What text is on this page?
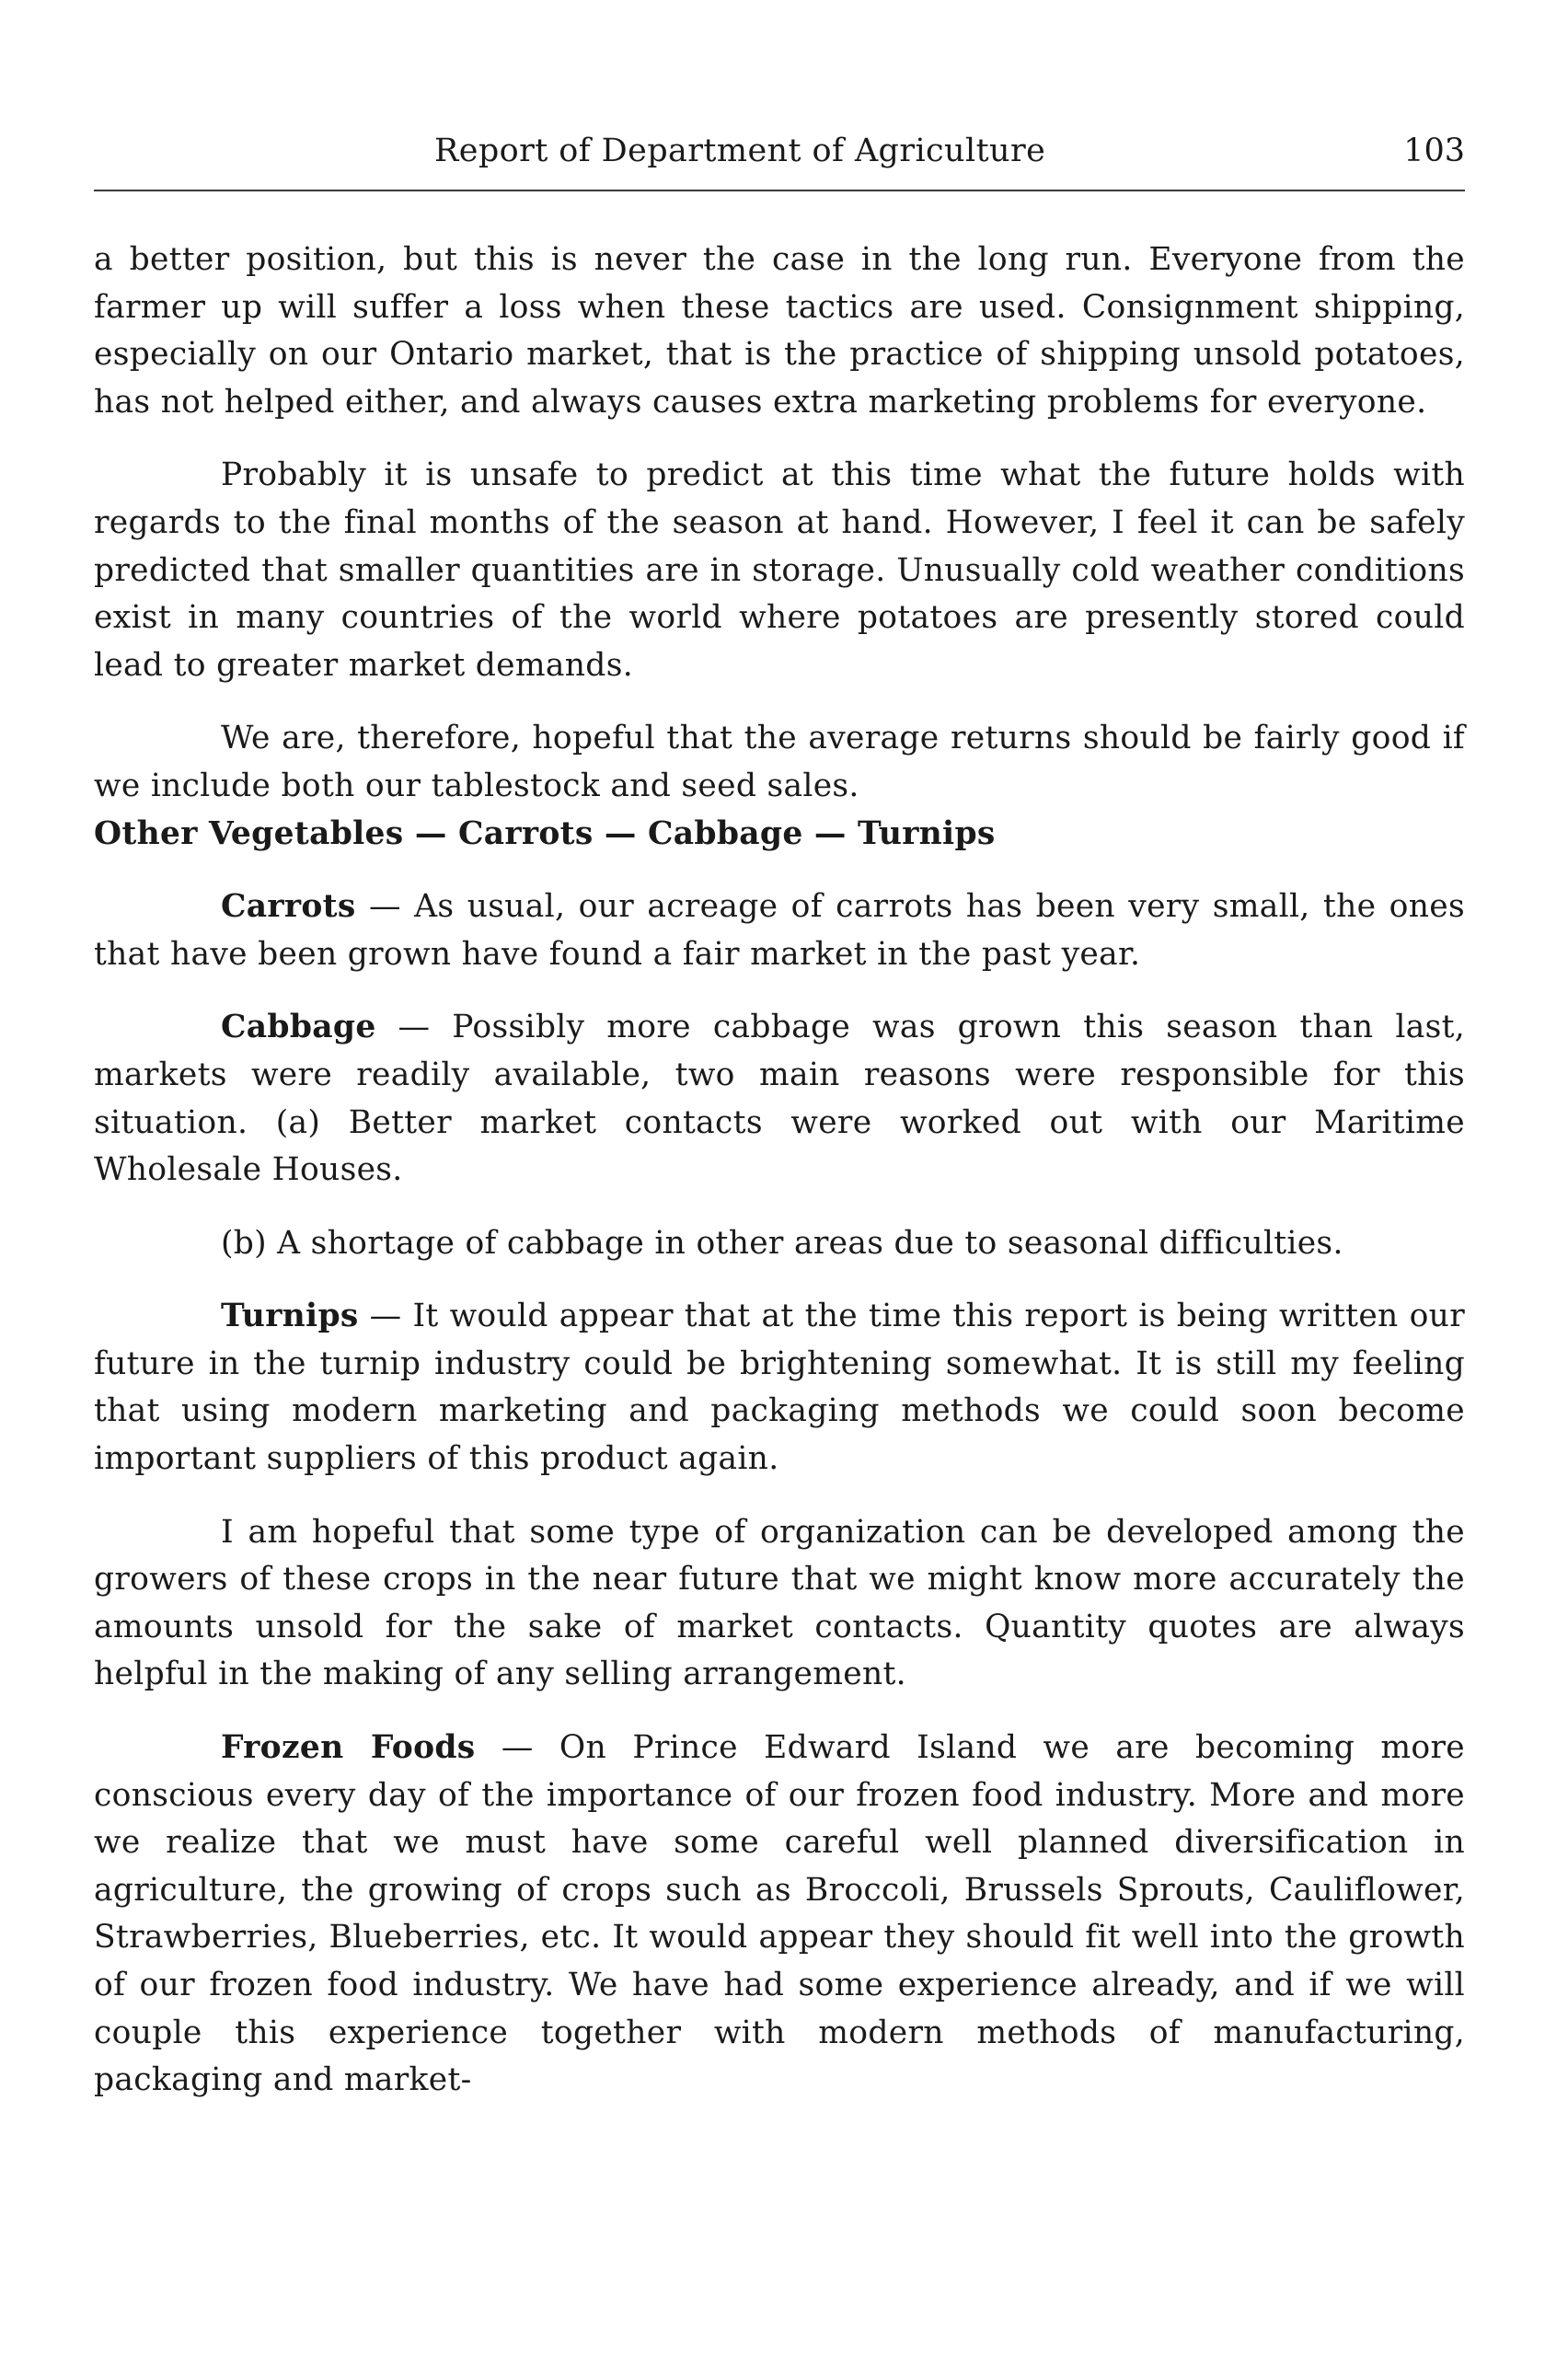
Report of Department of Agriculture	103

a better position, but this is never the case in the long run. Everyone from the farmer up will suffer a loss when these tactics are used. Consignment shipping, especially on our Ontario market, that is the practice of shipping unsold potatoes, has not helped either, and always causes extra marketing problems for everyone.

Probably it is unsafe to predict at this time what the future holds with regards to the final months of the season at hand. However, I feel it can be safely predicted that smaller quantities are in storage. Unusually cold weather conditions exist in many countries of the world where potatoes are presently stored could lead to greater market demands.

We are, therefore, hopeful that the average returns should be fairly good if we include both our tablestock and seed sales.

Other Vegetables — Carrots — Cabbage — Turnips

Carrots — As usual, our acreage of carrots has been very small, the ones that have been grown have found a fair market in the past year.

Cabbage — Possibly more cabbage was grown this season than last, markets were readily available, two main reasons were responsible for this situation. (a) Better market contacts were worked out with our Maritime Wholesale Houses.

(b) A shortage of cabbage in other areas due to seasonal difficulties.

Turnips — It would appear that at the time this report is being written our future in the turnip industry could be brightening somewhat. It is still my feeling that using modern marketing and packaging methods we could soon become important suppliers of this product again.

I am hopeful that some type of organization can be developed among the growers of these crops in the near future that we might know more accurately the amounts unsold for the sake of market contacts. Quantity quotes are always helpful in the making of any selling arrangement.

Frozen Foods — On Prince Edward Island we are becoming more conscious every day of the importance of our frozen food industry. More and more we realize that we must have some careful well planned diversification in agriculture, the growing of crops such as Broccoli, Brussels Sprouts, Cauliflower, Strawberries, Blueberries, etc. It would appear they should fit well into the growth of our frozen food industry. We have had some experience already, and if we will couple this experience together with modern methods of manufacturing, packaging and market-
